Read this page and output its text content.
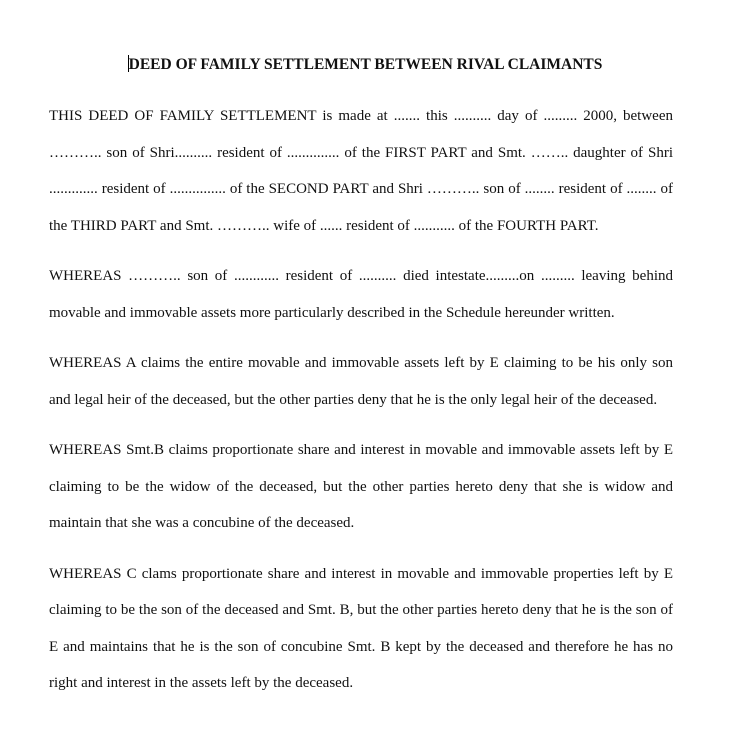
DEED OF FAMILY SETTLEMENT BETWEEN RIVAL CLAIMANTS

THIS DEED OF FAMILY SETTLEMENT is made at ....... this .......... day of ......... 2000, between ……….. son of Shri.......... resident of .............. of the FIRST PART and Smt. …….. daughter of Shri ............. resident of ............... of the SECOND PART and Shri ……….. son of ........ resident of ........ of the THIRD PART and Smt. ……….. wife of ...... resident of ........... of the FOURTH PART.

WHEREAS ……….. son of ............ resident of .......... died intestate.........on ......... leaving behind movable and immovable assets more particularly described in the Schedule hereunder written.

WHEREAS A claims the entire movable and immovable assets left by E claiming to be his only son and legal heir of the deceased, but the other parties deny that he is the only legal heir of the deceased.

WHEREAS Smt.B claims proportionate share and interest in movable and immovable assets left by E claiming to be the widow of the deceased, but the other parties hereto deny that she is widow and maintain that she was a concubine of the deceased.

WHEREAS C clams proportionate share and interest in movable and immovable properties left by E claiming to be the son of the deceased and Smt. B, but the other parties hereto deny that he is the son of E and maintains that he is the son of concubine Smt. B kept by the deceased and therefore he has no right and interest in the assets left by the deceased.
